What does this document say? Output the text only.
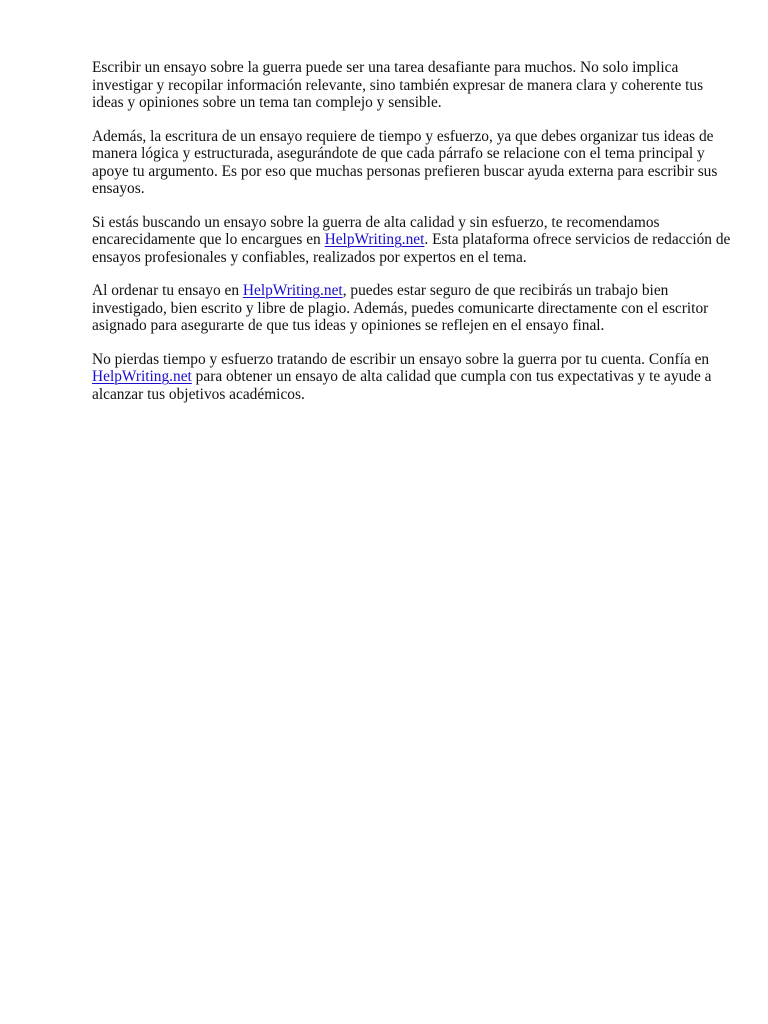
Escribir un ensayo sobre la guerra puede ser una tarea desafiante para muchos. No solo implica investigar y recopilar información relevante, sino también expresar de manera clara y coherente tus ideas y opiniones sobre un tema tan complejo y sensible.

Además, la escritura de un ensayo requiere de tiempo y esfuerzo, ya que debes organizar tus ideas de manera lógica y estructurada, asegurándote de que cada párrafo se relacione con el tema principal y apoye tu argumento. Es por eso que muchas personas prefieren buscar ayuda externa para escribir sus ensayos.

Si estás buscando un ensayo sobre la guerra de alta calidad y sin esfuerzo, te recomendamos encarecidamente que lo encargues en HelpWriting.net. Esta plataforma ofrece servicios de redacción de ensayos profesionales y confiables, realizados por expertos en el tema.

Al ordenar tu ensayo en HelpWriting.net, puedes estar seguro de que recibirás un trabajo bien investigado, bien escrito y libre de plagio. Además, puedes comunicarte directamente con el escritor asignado para asegurarte de que tus ideas y opiniones se reflejen en el ensayo final.

No pierdas tiempo y esfuerzo tratando de escribir un ensayo sobre la guerra por tu cuenta. Confía en HelpWriting.net para obtener un ensayo de alta calidad que cumpla con tus expectativas y te ayude a alcanzar tus objetivos académicos.
